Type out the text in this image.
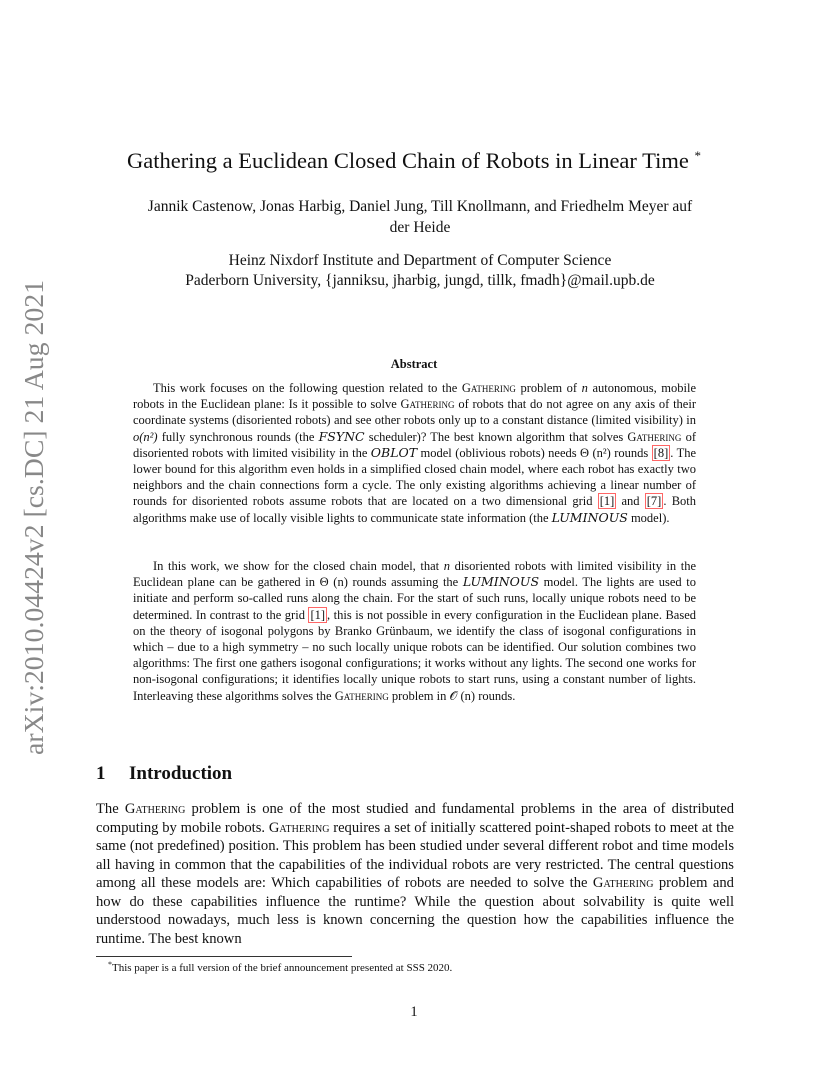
arXiv:2010.04424v2 [cs.DC] 21 Aug 2021
Gathering a Euclidean Closed Chain of Robots in Linear Time *
Jannik Castenow, Jonas Harbig, Daniel Jung, Till Knollmann, and Friedhelm Meyer auf
der Heide
Heinz Nixdorf Institute and Department of Computer Science
Paderborn University, {janniksu, jharbig, jungd, tillk, fmadh}@mail.upb.de
Abstract

This work focuses on the following question related to the Gathering problem of n autonomous, mobile robots in the Euclidean plane: Is it possible to solve Gathering of robots that do not agree on any axis of their coordinate systems (disoriented robots) and see other robots only up to a constant distance (limited visibility) in o(n²) fully synchronous rounds (the FSYNC scheduler)? The best known algorithm that solves Gathering of disoriented robots with limited visibility in the OBLOT model (oblivious robots) needs Θ (n²) rounds [8] . The lower bound for this algorithm even holds in a simplified closed chain model, where each robot has exactly two neighbors and the chain connections form a cycle. The only existing algorithms achieving a linear number of rounds for disoriented robots assume robots that are located on a two dimensional grid [1] and [7] . Both algorithms make use of locally visible lights to communicate state information (the LUMINOUS model).

In this work, we show for the closed chain model, that n disoriented robots with limited visibility in the Euclidean plane can be gathered in Θ (n) rounds assuming the LUMINOUS model. The lights are used to initiate and perform so-called runs along the chain. For the start of such runs, locally unique robots need to be determined. In contrast to the grid [1] , this is not possible in every configuration in the Euclidean plane. Based on the theory of isogonal polygons by Branko Grünbaum, we identify the class of isogonal configurations in which – due to a high symmetry – no such locally unique robots can be identified. Our solution combines two algorithms: The first one gathers isogonal configurations; it works without any lights. The second one works for non-isogonal configurations; it identifies locally unique robots to start runs, using a constant number of lights. Interleaving these algorithms solves the Gathering problem in 𝒪 (n) rounds.

1 Introduction

The Gathering problem is one of the most studied and fundamental problems in the area of distributed computing by mobile robots. Gathering requires a set of initially scattered point-shaped robots to meet at the same (not predefined) position. This problem has been studied under several different robot and time models all having in common that the capabilities of the individual robots are very restricted. The central questions among all these models are: Which capabilities of robots are needed to solve the Gathering problem and how do these capabilities influence the runtime? While the question about solvability is quite well understood nowadays, much less is known concerning the question how the capabilities influence the runtime. The best known

*This paper is a full version of the brief announcement presented at SSS 2020.
1
